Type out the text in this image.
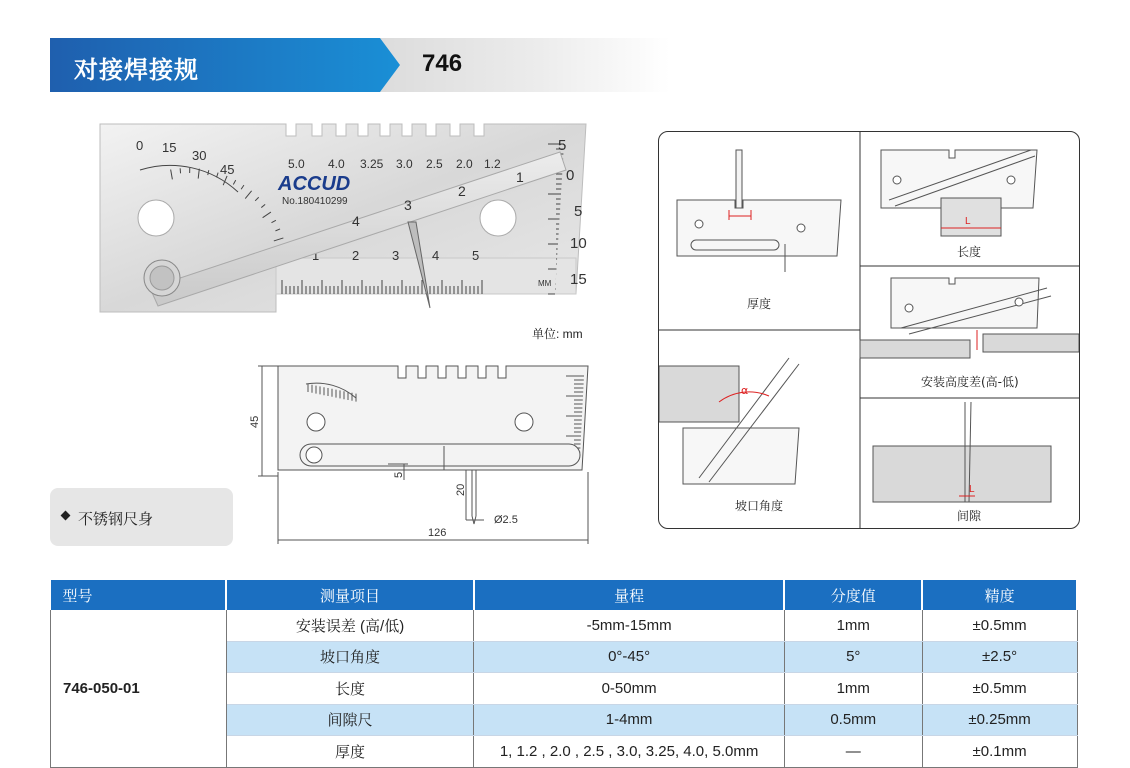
对接焊接规	746
0 15
30
45	5.0 4.0 3.25 3.0 2.5 2.0 1.2
ACCUD
No.180410299
1	2	3	4	5
5
0
5
10
15
MM
1
2
3
4
单位: mm
不锈钢尺身
45
5
20
Ø2.5
126
厚度
L
长度
安装高度差(高-低)
α
坡口角度
L
间隙
型号	测量项目	量程	分度值	精度
746-050-01	安装误差 (高/低)	-5mm-15mm	1mm	±0.5mm
	坡口角度	0°-45°	5°	±2.5°
	长度	0-50mm	1mm	±0.5mm
	间隙尺	1-4mm	0.5mm	±0.25mm
	厚度	1, 1.2 , 2.0 , 2.5 , 3.0, 3.25, 4.0, 5.0mm	—	±0.1mm
